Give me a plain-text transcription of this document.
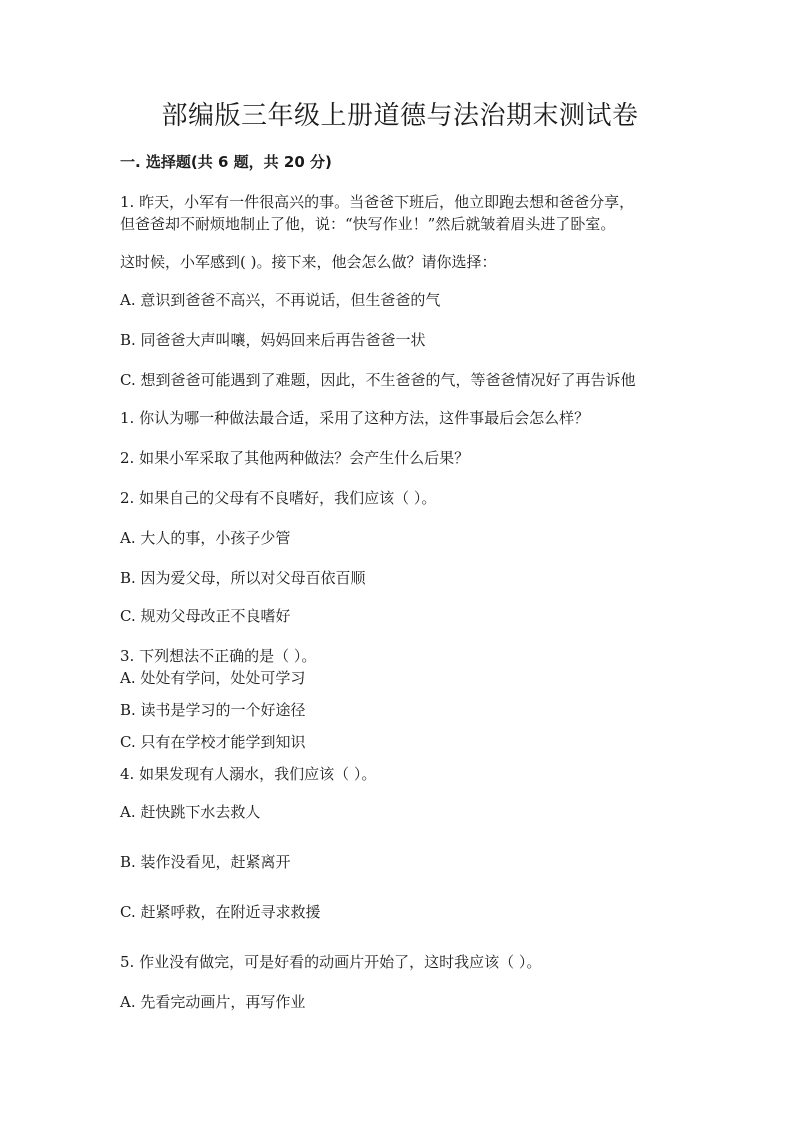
部编版三年级上册道德与法治期末测试卷
一. 选择题(共 6 题，共 20 分)
1. 昨天，小军有一件很高兴的事。当爸爸下班后，他立即跑去想和爸爸分享，
但爸爸却不耐烦地制止了他，说：“快写作业！”然后就皱着眉头进了卧室。
这时候，小军感到( )。接下来，他会怎么做？请你选择：
A. 意识到爸爸不高兴，不再说话，但生爸爸的气
B. 同爸爸大声叫嚷，妈妈回来后再告爸爸一状
C. 想到爸爸可能遇到了难题，因此，不生爸爸的气，等爸爸情况好了再告诉他
1. 你认为哪一种做法最合适，采用了这种方法，这件事最后会怎么样？
2. 如果小军采取了其他两种做法？会产生什么后果？
2. 如果自己的父母有不良嗜好，我们应该（ ）。
A. 大人的事，小孩子少管
B. 因为爱父母，所以对父母百依百顺
C. 规劝父母改正不良嗜好
3. 下列想法不正确的是（ ）。
A. 处处有学问，处处可学习
B. 读书是学习的一个好途径
C. 只有在学校才能学到知识
4. 如果发现有人溺水，我们应该（ ）。
A. 赶快跳下水去救人
B. 装作没看见，赶紧离开
C. 赶紧呼救，在附近寻求救援
5. 作业没有做完，可是好看的动画片开始了，这时我应该（ ）。
A. 先看完动画片，再写作业
